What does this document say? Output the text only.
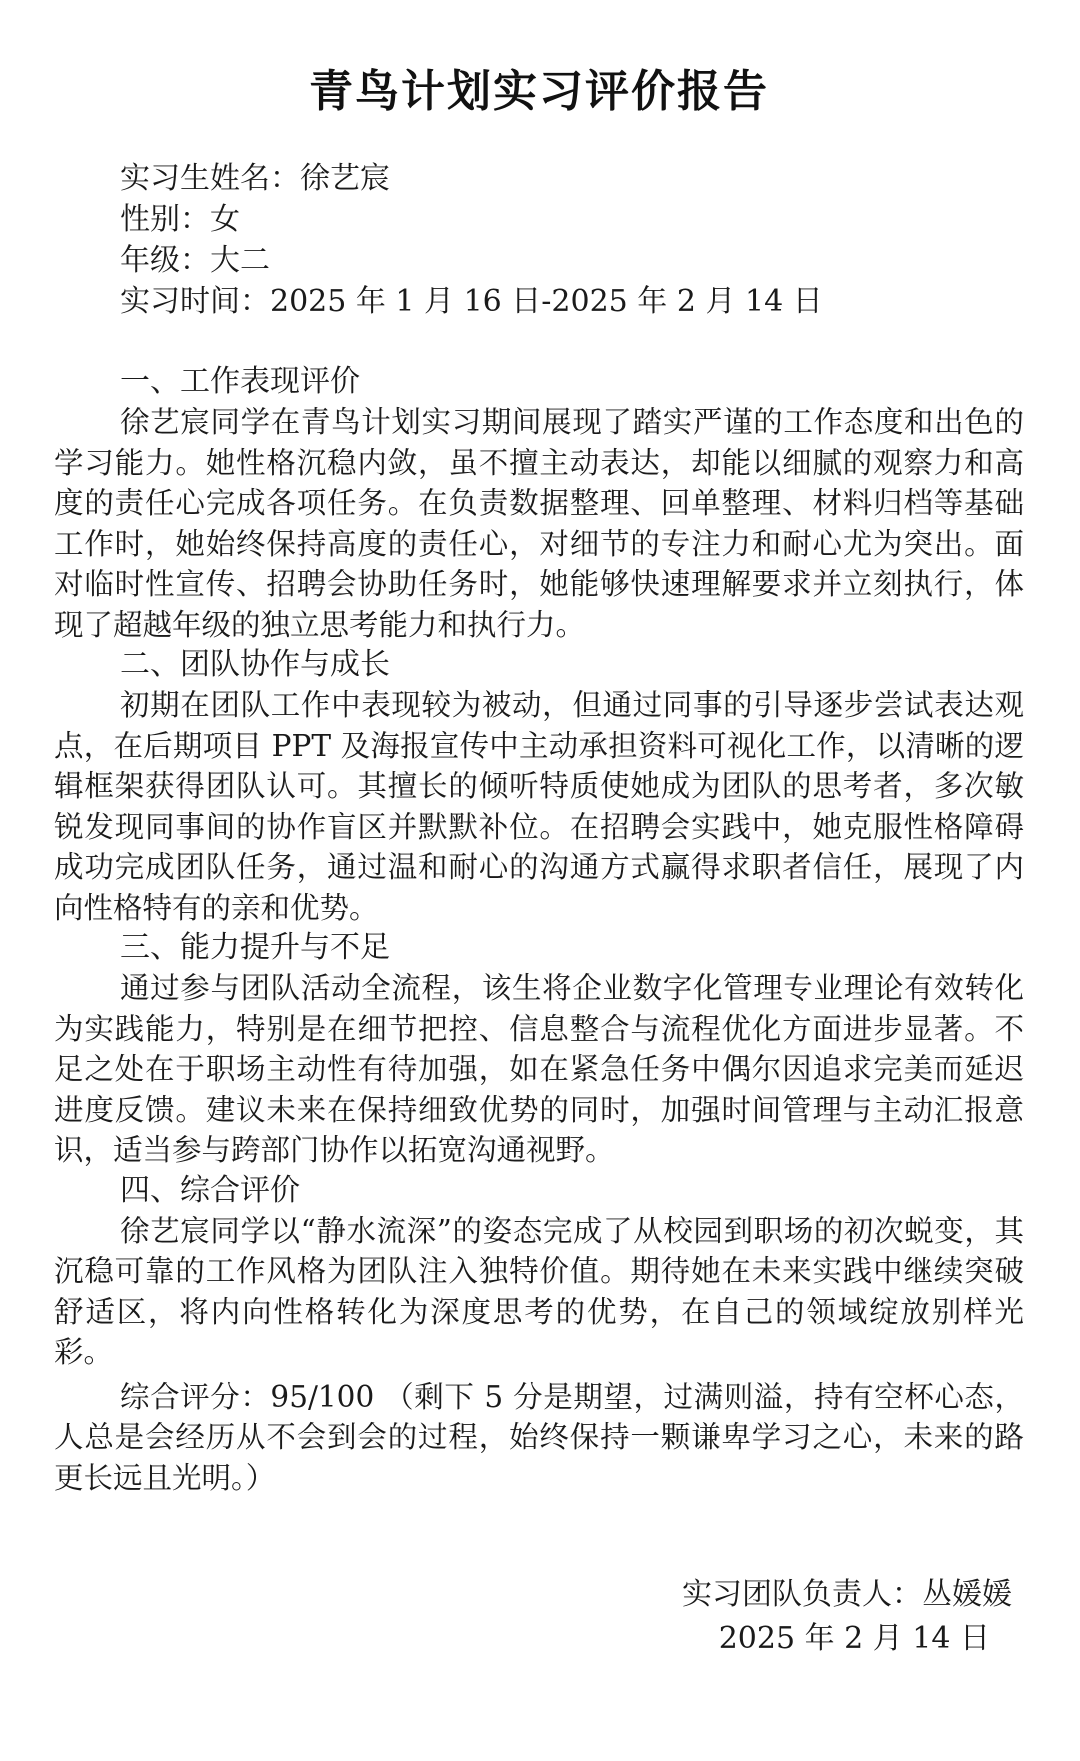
青鸟计划实习评价报告
实习生姓名：徐艺宸
性别：女
年级：大二
实习时间：2025 年 1 月 16 日-2025 年 2 月 14 日
一、工作表现评价

徐艺宸同学在青鸟计划实习期间展现了踏实严谨的工作态度和出色的学习能力。她性格沉稳内敛，虽不擅主动表达，却能以细腻的观察力和高度的责任心完成各项任务。在负责数据整理、回单整理、材料归档等基础工作时，她始终保持高度的责任心，对细节的专注力和耐心尤为突出。面对临时性宣传、招聘会协助任务时，她能够快速理解要求并立刻执行，体现了超越年级的独立思考能力和执行力。

二、团队协作与成长

初期在团队工作中表现较为被动，但通过同事的引导逐步尝试表达观点，在后期项目 PPT 及海报宣传中主动承担资料可视化工作，以清晰的逻辑框架获得团队认可。其擅长的倾听特质使她成为团队的思考者，多次敏锐发现同事间的协作盲区并默默补位。在招聘会实践中，她克服性格障碍成功完成团队任务，通过温和耐心的沟通方式赢得求职者信任，展现了内向性格特有的亲和优势。

三、能力提升与不足

通过参与团队活动全流程，该生将企业数字化管理专业理论有效转化为实践能力，特别是在细节把控、信息整合与流程优化方面进步显著。不足之处在于职场主动性有待加强，如在紧急任务中偶尔因追求完美而延迟进度反馈。建议未来在保持细致优势的同时，加强时间管理与主动汇报意识，适当参与跨部门协作以拓宽沟通视野。

四、综合评价

徐艺宸同学以“静水流深”的姿态完成了从校园到职场的初次蜕变，其沉稳可靠的工作风格为团队注入独特价值。期待她在未来实践中继续突破舒适区，将内向性格转化为深度思考的优势，在自己的领域绽放别样光彩。

综合评分：95/100 （剩下 5 分是期望，过满则溢，持有空杯心态，人总是会经历从不会到会的过程，始终保持一颗谦卑学习之心，未来的路更长远且光明。）

实习团队负责人：丛媛媛
2025 年 2 月 14 日
